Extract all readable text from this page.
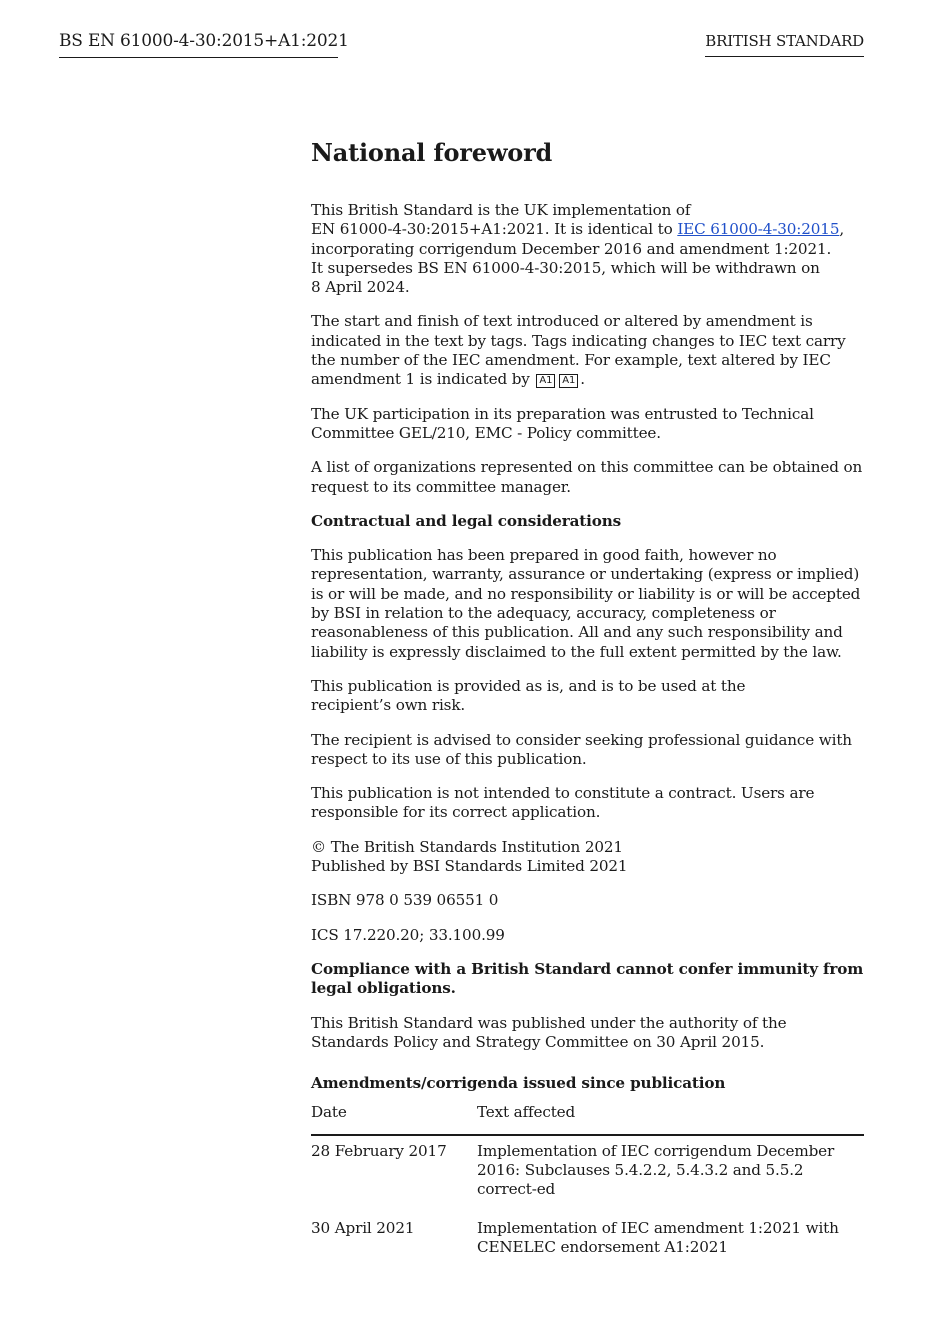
BS EN 61000-4-30:2015+A1:2021	BRITISH STANDARD
National foreword

This British Standard is the UK implementation of
EN 61000-4-30:2015+A1:2021. It is identical to IEC 61000-4-30:2015,
incorporating corrigendum December 2016 and amendment 1:2021.
It supersedes BS EN 61000-4-30:2015, which will be withdrawn on
8 April 2024.

The start and finish of text introduced or altered by amendment is indicated in the text by tags. Tags indicating changes to IEC text carry the number of the IEC amendment. For example, text altered by IEC amendment 1 is indicated by A1 A1 .

The UK participation in its preparation was entrusted to Technical Committee GEL/210, EMC - Policy committee.

A list of organizations represented on this committee can be obtained on request to its committee manager.

Contractual and legal considerations

This publication has been prepared in good faith, however no representation, warranty, assurance or undertaking (express or implied) is or will be made, and no responsibility or liability is or will be accepted by BSI in relation to the adequacy, accuracy, completeness or reasonableness of this publication. All and any such responsibility and liability is expressly disclaimed to the full extent permitted by the law.

This publication is provided as is, and is to be used at the
recipient’s own risk.

The recipient is advised to consider seeking professional guidance with respect to its use of this publication.

This publication is not intended to constitute a contract. Users are responsible for its correct application.

© The British Standards Institution 2021
Published by BSI Standards Limited 2021

ISBN 978 0 539 06551 0

ICS 17.220.20; 33.100.99

Compliance with a British Standard cannot confer immunity from legal obligations.

This British Standard was published under the authority of the Standards Policy and Strategy Committee on 30 April 2015.

Amendments/corrigenda issued since publication

Date	Text affected
28 February 2017	Implementation of IEC corrigendum December 2016: Subclauses 5.4.2.2, 5.4.3.2 and 5.5.2 correct-ed
30 April 2021	Implementation of IEC amendment 1:2021 with CENELEC endorsement A1:2021
